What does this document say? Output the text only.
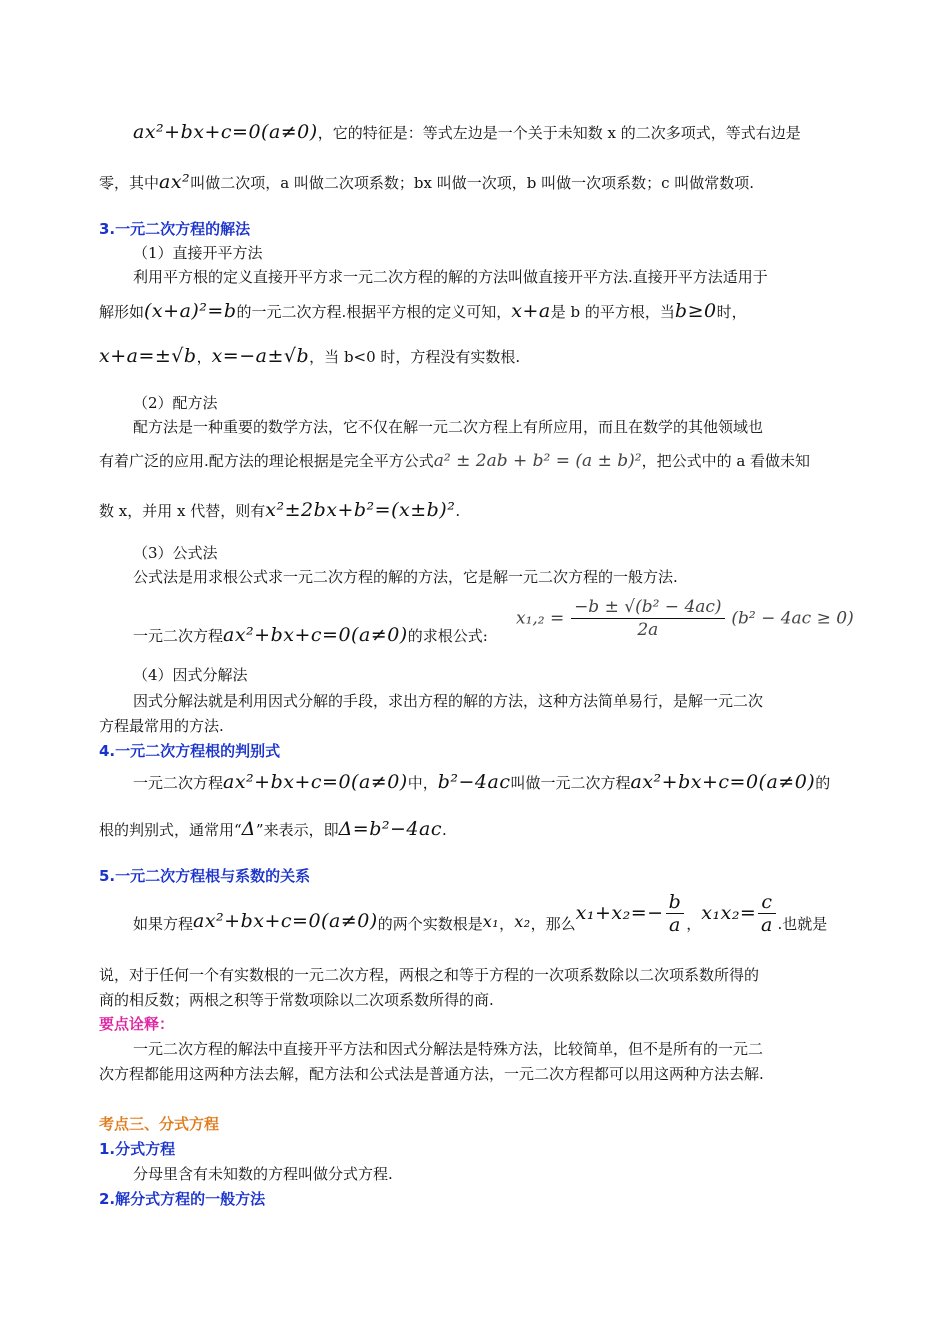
ax²+bx+c=0(a≠0)，它的特征是：等式左边是一个关于未知数 x 的二次多项式，等式右边是
零，其中ax²叫做二次项，a 叫做二次项系数；bx 叫做一次项，b 叫做一次项系数；c 叫做常数项.
3.一元二次方程的解法
（1）直接开平方法
利用平方根的定义直接开平方求一元二次方程的解的方法叫做直接开平方法.直接开平方法适用于
解形如(x+a)²=b的一元二次方程.根据平方根的定义可知，x+a是 b 的平方根，当b≥0时，
x+a=±√b，x=−a±√b，当 b<0 时，方程没有实数根.
（2）配方法
配方法是一种重要的数学方法，它不仅在解一元二次方程上有所应用，而且在数学的其他领域也
有着广泛的应用.配方法的理论根据是完全平方公式a² ± 2ab + b² = (a ± b)²，把公式中的 a 看做未知
数 x，并用 x 代替，则有x²±2bx+b²=(x±b)².
（3）公式法
公式法是用求根公式求一元二次方程的解的方法，它是解一元二次方程的一般方法.
一元二次方程ax²+bx+c=0(a≠0)的求根公式:
$x_1,_2 = \frac{\text{−b ± √(b² − 4ac)}}{2a} (b^2 - 4ac \ge 0)$
（4）因式分解法
因式分解法就是利用因式分解的手段，求出方程的解的方法，这种方法简单易行，是解一元二次
方程最常用的方法.
4.一元二次方程根的判别式
一元二次方程ax²+bx+c=0(a≠0)中，b²−4ac叫做一元二次方程ax²+bx+c=0(a≠0)的
根的判别式，通常用“Δ”来表示，即Δ=b²−4ac.
5.一元二次方程根与系数的关系
如果方程ax²+bx+c=0(a≠0)的两个实数根是x₁，x₂，那么$x_1+x_2=- \frac{b}{a}$ ，$x_1x_2= \frac{c}{a}$ .也就是
说，对于任何一个有实数根的一元二次方程，两根之和等于方程的一次项系数除以二次项系数所得的
商的相反数；两根之积等于常数项除以二次项系数所得的商.
要点诠释：
一元二次方程的解法中直接开平方法和因式分解法是特殊方法，比较简单，但不是所有的一元二
次方程都能用这两种方法去解，配方法和公式法是普通方法，一元二次方程都可以用这两种方法去解.
考点三、分式方程
1.分式方程
分母里含有未知数的方程叫做分式方程.
2.解分式方程的一般方法
